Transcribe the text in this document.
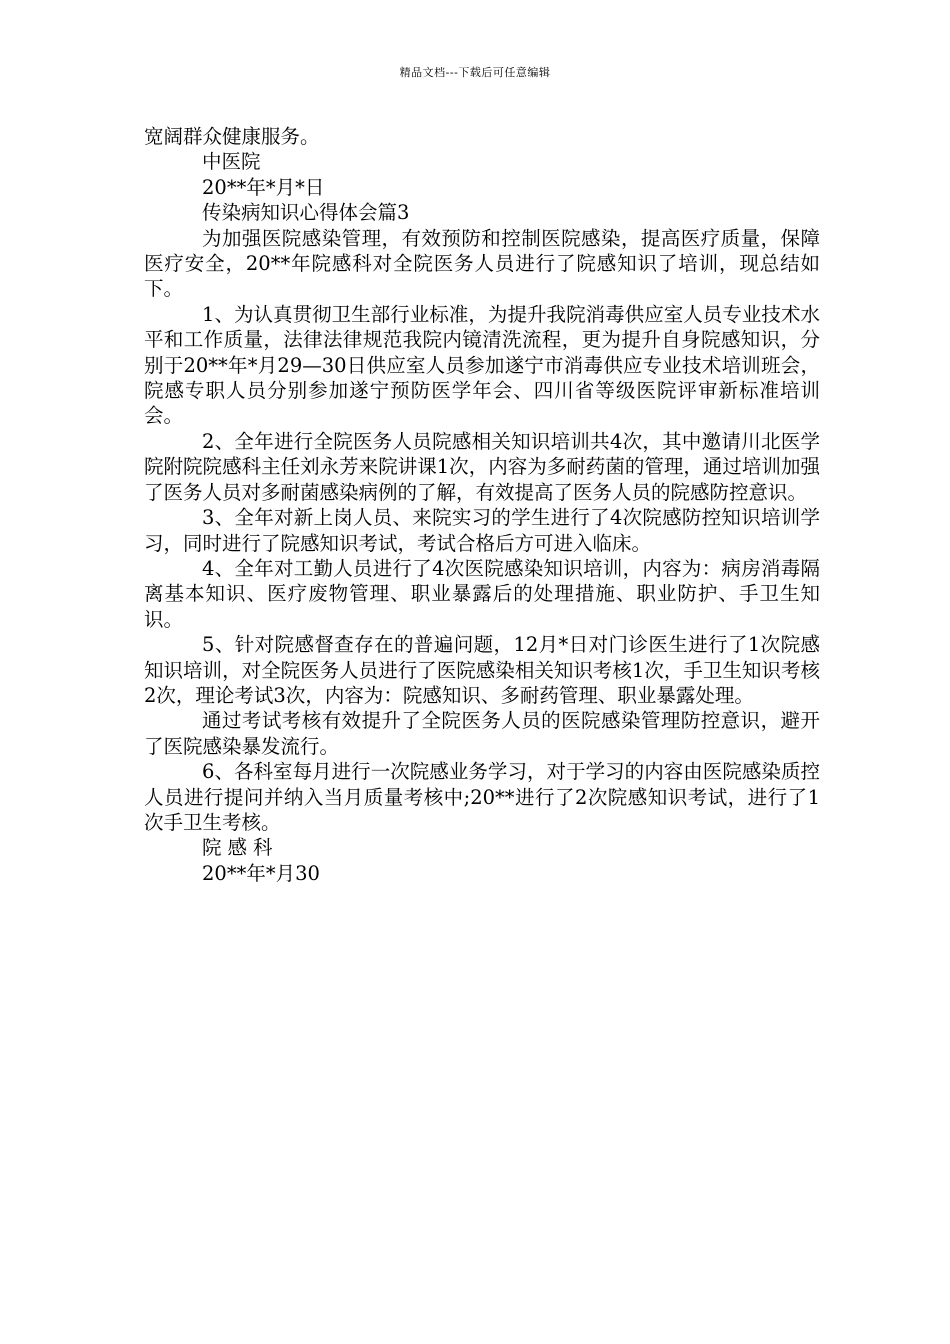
精品文档---下载后可任意编辑

宽阔群众健康服务。

中医院

20**年*月*日

传染病知识心得体会篇3

为加强医院感染管理，有效预防和控制医院感染，提高医疗质量，保障医疗安全，20**年院感科对全院医务人员进行了院感知识了培训，现总结如下。

1、为认真贯彻卫生部行业标准，为提升我院消毒供应室人员专业技术水平和工作质量，法律法律规范我院内镜清洗流程，更为提升自身院感知识，分别于20**年*月29—30日供应室人员参加遂宁市消毒供应专业技术培训班会，院感专职人员分别参加遂宁预防医学年会、四川省等级医院评审新标准培训会。

2、全年进行全院医务人员院感相关知识培训共4次，其中邀请川北医学院附院院感科主任刘永芳来院讲课1次，内容为多耐药菌的管理，通过培训加强了医务人员对多耐菌感染病例的了解，有效提高了医务人员的院感防控意识。

3、全年对新上岗人员、来院实习的学生进行了4次院感防控知识培训学习，同时进行了院感知识考试，考试合格后方可进入临床。

4、全年对工勤人员进行了4次医院感染知识培训，内容为：病房消毒隔离基本知识、医疗废物管理、职业暴露后的处理措施、职业防护、手卫生知识。

5、针对院感督查存在的普遍问题，12月*日对门诊医生进行了1次院感知识培训，对全院医务人员进行了医院感染相关知识考核1次，手卫生知识考核2次，理论考试3次，内容为：院感知识、多耐药管理、职业暴露处理。

通过考试考核有效提升了全院医务人员的医院感染管理防控意识，避开了医院感染暴发流行。

6、各科室每月进行一次院感业务学习，对于学习的内容由医院感染质控人员进行提问并纳入当月质量考核中;20**进行了2次院感知识考试，进行了1次手卫生考核。

院感科

20**年*月30
